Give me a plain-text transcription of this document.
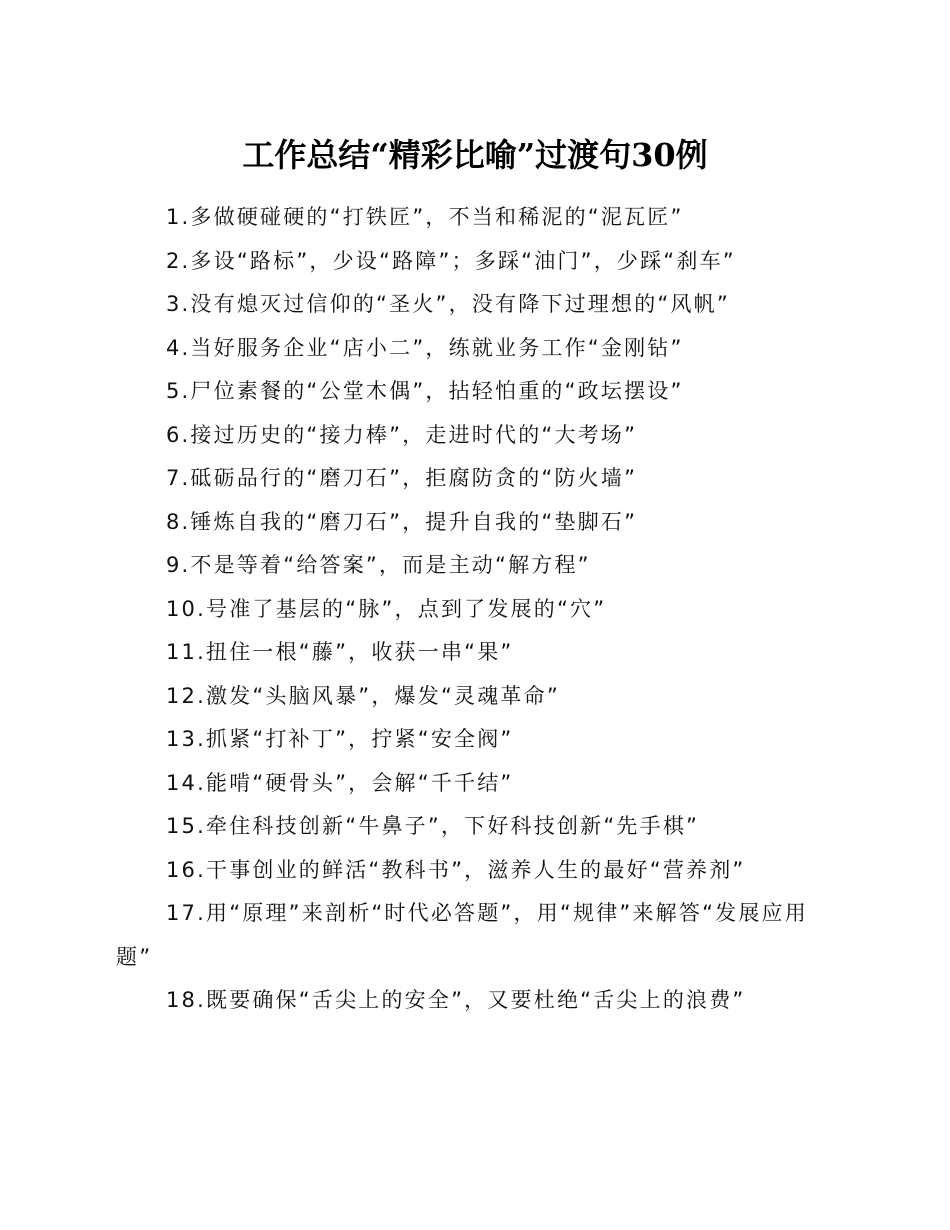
工作总结“精彩比喻”过渡句30例

1.多做硬碰硬的“打铁匠”，不当和稀泥的“泥瓦匠”

2.多设“路标”，少设“路障”；多踩“油门”，少踩“刹车”

3.没有熄灭过信仰的“圣火”，没有降下过理想的“风帆”

4.当好服务企业“店小二”，练就业务工作“金刚钻”

5.尸位素餐的“公堂木偶”，拈轻怕重的“政坛摆设”

6.接过历史的“接力棒”，走进时代的“大考场”

7.砥砺品行的“磨刀石”，拒腐防贪的“防火墙”

8.锤炼自我的“磨刀石”，提升自我的“垫脚石”

9.不是等着“给答案”，而是主动“解方程”

10.号准了基层的“脉”，点到了发展的“穴”

11.扭住一根“藤”，收获一串“果”

12.激发“头脑风暴”，爆发“灵魂革命”

13.抓紧“打补丁”，拧紧“安全阀”

14.能啃“硬骨头”，会解“千千结”

15.牵住科技创新“牛鼻子”，下好科技创新“先手棋”

16.干事创业的鲜活“教科书”，滋养人生的最好“营养剂”

17.用“原理”来剖析“时代必答题”，用“规律”来解答“发展应用题”

18.既要确保“舌尖上的安全”，又要杜绝“舌尖上的浪费”
